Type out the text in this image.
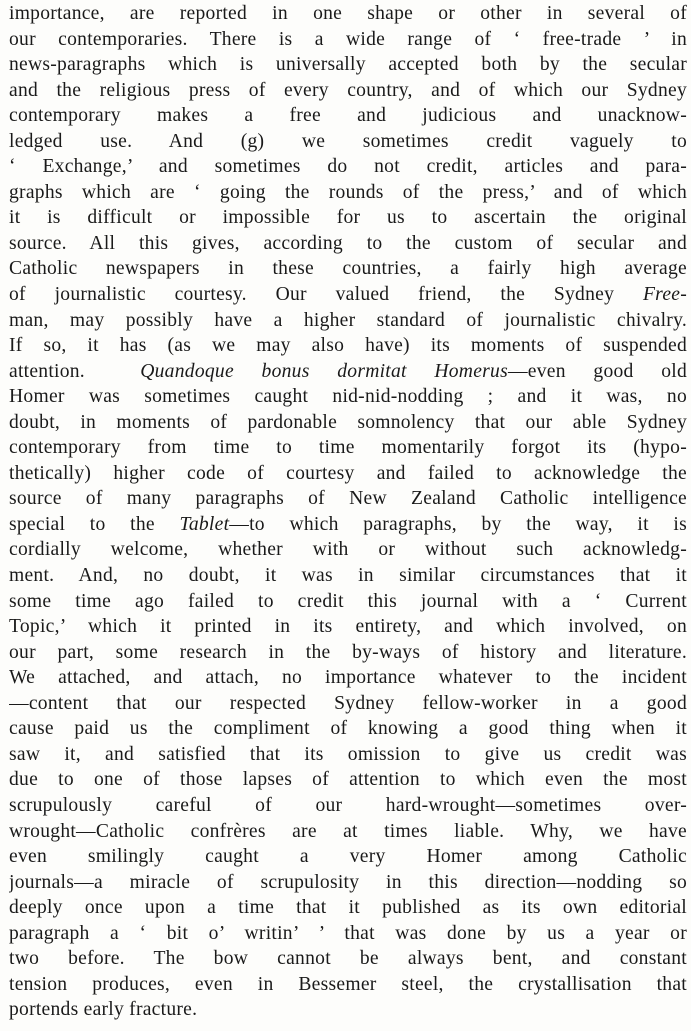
importance, are reported in one shape or other in several of
our contemporaries. There is a wide range of ‘ free-trade ’ in
news-paragraphs which is universally accepted both by the secular
and the religious press of every country, and of which our Sydney
contemporary makes a free and judicious and unacknow-
ledged use. And (g) we sometimes credit vaguely to
‘ Exchange,’ and sometimes do not credit, articles and para-
graphs which are ‘ going the rounds of the press,’ and of which
it is difficult or impossible for us to ascertain the original
source. All this gives, according to the custom of secular and
Catholic newspapers in these countries, a fairly high average
of journalistic courtesy. Our valued friend, the Sydney Free-
man, may possibly have a higher standard of journalistic chivalry.
If so, it has (as we may also have) its moments of suspended
attention.	Quandoque bonus dormitat Homerus—even good old
Homer was sometimes caught nid-nid-nodding ; and it was, no
doubt, in moments of pardonable somnolency that our able Sydney
contemporary from time to time momentarily forgot its (hypo-
thetically) higher code of courtesy and failed to acknowledge the
source of many paragraphs of New Zealand Catholic intelligence
special to the Tablet—to which paragraphs, by the way, it is
cordially welcome, whether with or without such acknowledg-
ment. And, no doubt, it was in similar circumstances that it
some time ago failed to credit this journal with a ‘ Current
Topic,’ which it printed in its entirety, and which involved, on
our part, some research in the by-ways of history and literature.
We attached, and attach, no importance whatever to the incident
—content that our respected Sydney fellow-worker in a good
cause paid us the compliment of knowing a good thing when it
saw it, and satisfied that its omission to give us credit was
due to one of those lapses of attention to which even the most
scrupulously careful of our hard-wrought—sometimes over-
wrought—Catholic confrères are at times liable. Why, we have
even smilingly caught a very Homer among Catholic
journals—a miracle of scrupulosity in this direction—nodding so
deeply once upon a time that it published as its own editorial
paragraph a ‘ bit o’ writin’ ’ that was done by us a year or
two before. The bow cannot be always bent, and constant
tension produces, even in Bessemer steel, the crystallisation that
portends early fracture.
